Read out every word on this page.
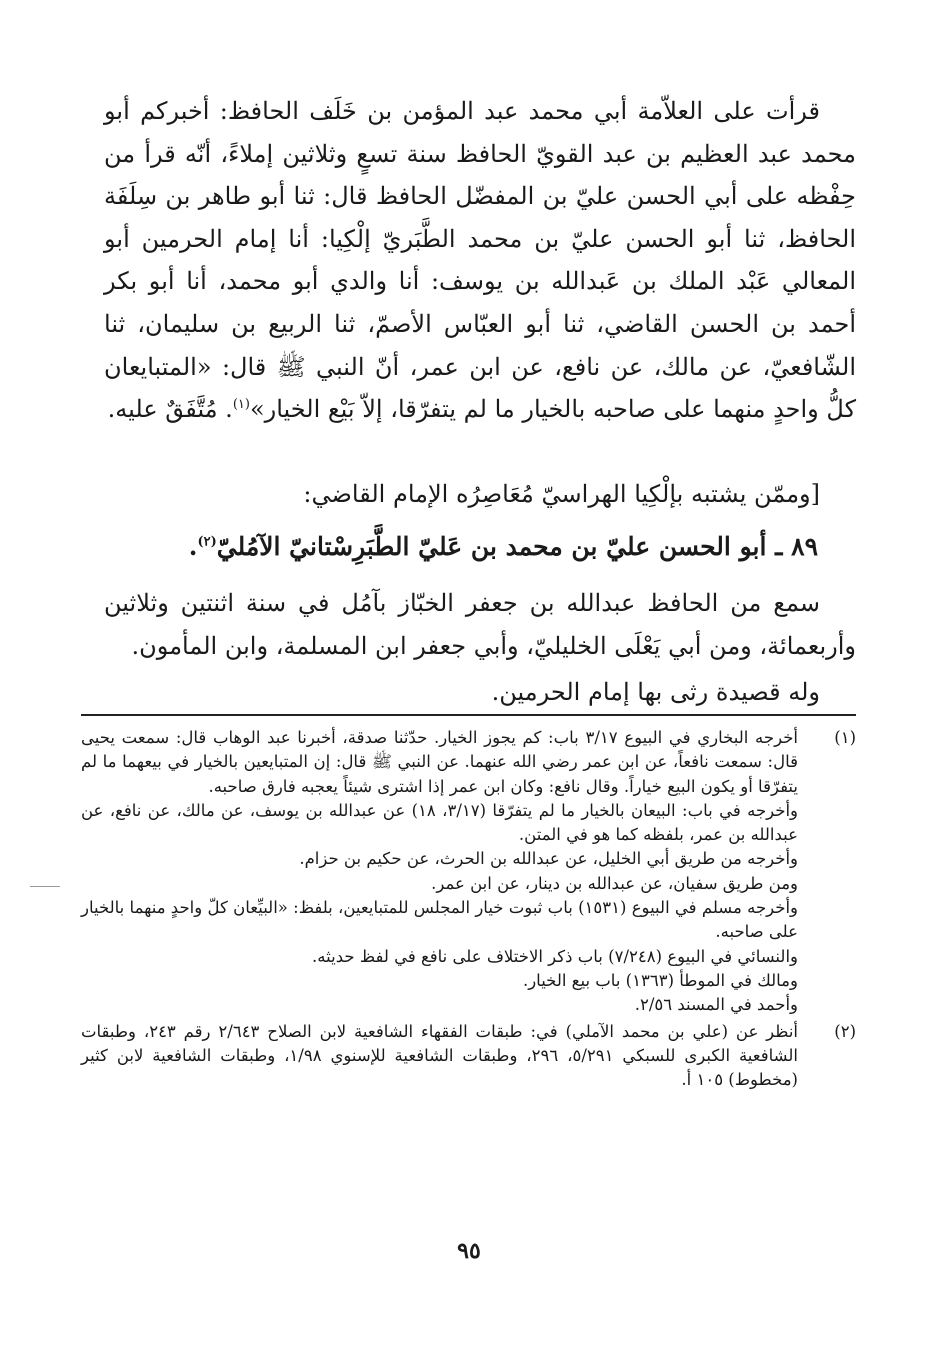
قرأت على العلاّمة أبي محمد عبد المؤمن بن خَلَف الحافظ: أخبركم أبو محمد عبد العظيم بن عبد القويّ الحافظ سنة تسعٍ وثلاثين إملاءً، أنّه قرأ من حِفْظه على أبي الحسن عليّ بن المفضّل الحافظ قال: ثنا أبو طاهر بن سِلَفَة الحافظ، ثنا أبو الحسن عليّ بن محمد الطَّبَريّ إلْكِيا: أنا إمام الحرمين أبو المعالي عَبْد الملك بن عَبدالله بن يوسف: أنا والدي أبو محمد، أنا أبو بكر أحمد بن الحسن القاضي، ثنا أبو العبّاس الأصمّ، ثنا الربيع بن سليمان، ثنا الشّافعيّ، عن مالك، عن نافع، عن ابن عمر، أنّ النبي ﷺ قال: «المتبايعان كلُّ واحدٍ منهما على صاحبه بالخيار ما لم يتفرّقا، إلاّ بَيْع الخيار»$^{(١)}$. مُتَّفَقٌ عليه.
[وممّن يشتبه بإلْكِيا الهراسيّ مُعَاصِرُه الإمام القاضي:
٨٩ ـ أبو الحسن عليّ بن محمد بن عَليّ الطَّبَرِسْتانيّ الآمُليّ$^{(٢)}$.
سمع من الحافظ عبدالله بن جعفر الخبّاز بآمُل في سنة اثنتين وثلاثين وأربعمائة، ومن أبي يَعْلَى الخليليّ، وأبي جعفر ابن المسلمة، وابن المأمون.
وله قصيدة رثى بها إمام الحرمين.
(١)
أخرجه البخاري في البيوع ٣/١٧ باب: كم يجوز الخيار. حدّثنا صدقة، أخبرنا عبد الوهاب قال: سمعت يحيى قال: سمعت نافعاً، عن ابن عمر رضي الله عنهما. عن النبي ﷺ قال: إن المتبايعين بالخيار في بيعهما ما لم يتفرّقا أو يكون البيع خياراً. وقال نافع: وكان ابن عمر إذا اشترى شيئاً يعجبه فارق صاحبه.
وأخرجه في باب: البيعان بالخيار ما لم يتفرّقا (٣/١٧، ١٨) عن عبدالله بن يوسف، عن مالك، عن نافع، عن عبدالله بن عمر، بلفظه كما هو في المتن.
وأخرجه من طريق أبي الخليل، عن عبدالله بن الحرث، عن حكيم بن حزام.
ومن طريق سفيان، عن عبدالله بن دينار، عن ابن عمر.
وأخرجه مسلم في البيوع (١٥٣١) باب ثبوت خيار المجلس للمتبايعين، بلفظ: «البيِّعان كلّ واحدٍ منهما بالخيار على صاحبه.
والنسائي في البيوع (٧/٢٤٨) باب ذكر الاختلاف على نافع في لفظ حديثه.
ومالك في الموطأ (١٣٦٣) باب بيع الخيار.
وأحمد في المسند ٢/٥٦.
(٢)
أنظر عن (علي بن محمد الآملي) في: طبقات الفقهاء الشافعية لابن الصلاح ٢/٦٤٣ رقم ٢٤٣، وطبقات الشافعية الكبرى للسبكي ٥/٢٩١، ٢٩٦، وطبقات الشافعية للإسنوي ١/٩٨، وطبقات الشافعية لابن كثير (مخطوط) ١٠٥ أ.
٩٥
